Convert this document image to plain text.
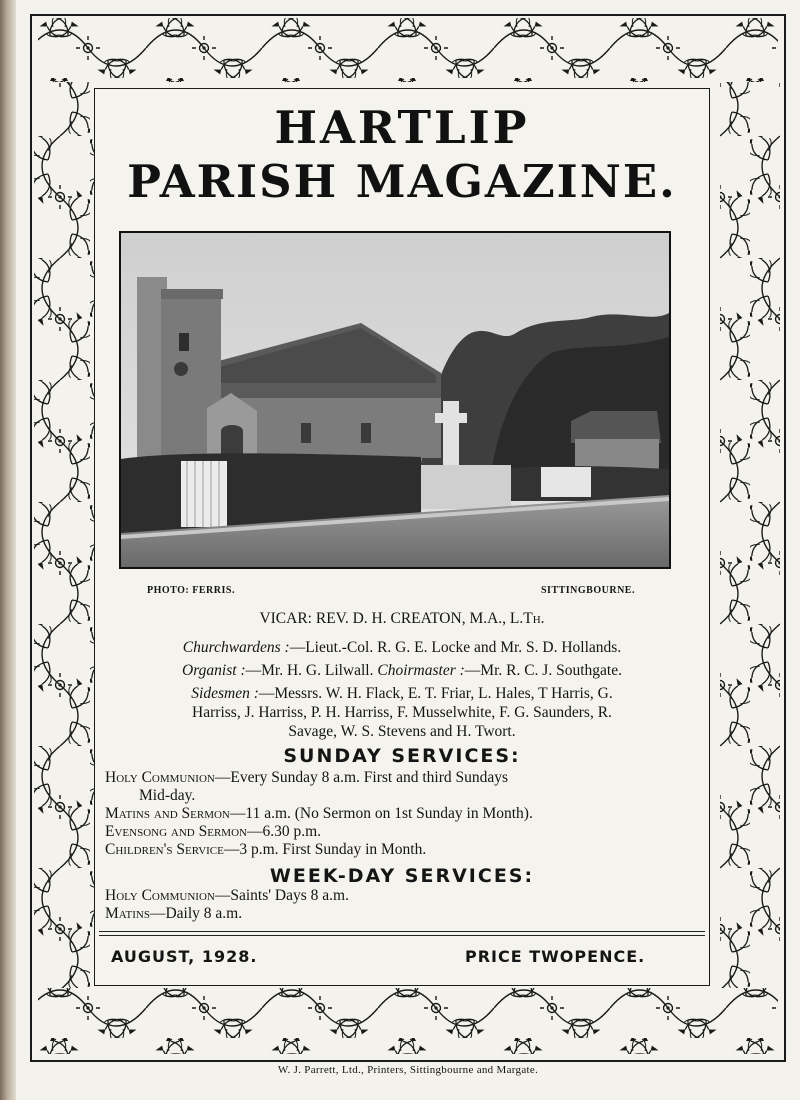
HARTLIP
PARISH MAGAZINE.
PHOTO: FERRIS.	SITTINGBOURNE.
VICAR: REV. D. H. CREATON, M.A., L.Th.
Churchwardens :—Lieut.-Col. R. G. E. Locke and Mr. S. D. Hollands.
Organist :—Mr. H. G. Lilwall. Choirmaster :—Mr. R. C. J. Southgate.
Sidesmen :—Messrs. W. H. Flack, E. T. Friar, L. Hales, T Harris, G.
Harriss, J. Harriss, P. H. Harriss, F. Musselwhite, F. G. Saunders, R.
Savage, W. S. Stevens and H. Twort.
SUNDAY SERVICES:
Holy Communion—Every Sunday 8 a.m. First and third Sundays
Mid-day.
Matins and Sermon—11 a.m. (No Sermon on 1st Sunday in Month).
Evensong and Sermon—6.30 p.m.
Children's Service—3 p.m. First Sunday in Month.
WEEK-DAY SERVICES:
Holy Communion—Saints' Days 8 a.m.
Matins—Daily 8 a.m.
AUGUST, 1928.	PRICE TWOPENCE.
W. J. Parrett, Ltd., Printers, Sittingbourne and Margate.
